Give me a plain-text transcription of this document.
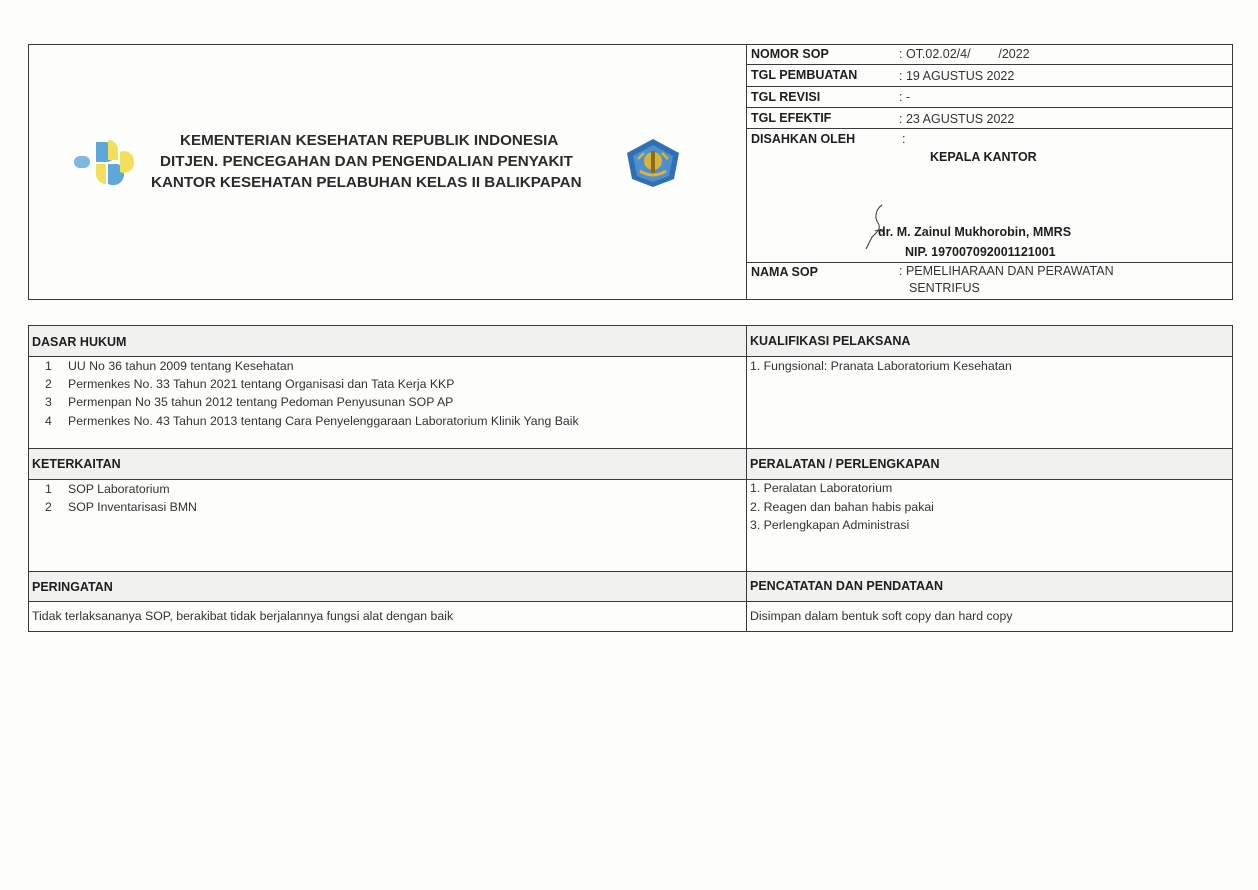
KEMENTERIAN KESEHATAN REPUBLIK INDONESIA
DITJEN. PENCEGAHAN DAN PENGENDALIAN PENYAKIT
KANTOR KESEHATAN PELABUHAN KELAS II BALIKPAPAN
NOMOR SOP	: OT.02.02/4/        /2022
TGL PEMBUATAN	: 19 AGUSTUS 2022
TGL REVISI	: -
TGL EFEKTIF	: 23 AGUSTUS 2022
DISAHKAN OLEH	:
KEPALA KANTOR
dr. M. Zainul Mukhorobin, MMRS
NIP. 197007092001121001
NAMA SOP	: PEMELIHARAAN DAN PERAWATAN
SENTRIFUS
DASAR HUKUM
1 UU No 36 tahun 2009 tentang Kesehatan
2 Permenkes No. 33 Tahun 2021 tentang Organisasi dan Tata Kerja KKP
3 Permenpan No 35 tahun 2012 tentang Pedoman Penyusunan SOP AP
4 Permenkes No. 43 Tahun 2013 tentang Cara Penyelenggaraan Laboratorium Klinik Yang Baik
KUALIFIKASI PELAKSANA
1. Fungsional: Pranata Laboratorium Kesehatan
KETERKAITAN
1 SOP Laboratorium
2 SOP Inventarisasi BMN
PERALATAN / PERLENGKAPAN
1. Peralatan Laboratorium
2. Reagen dan bahan habis pakai
3. Perlengkapan Administrasi
PERINGATAN
Tidak terlaksananya SOP, berakibat tidak berjalannya fungsi alat dengan baik
PENCATATAN DAN PENDATAAN
Disimpan dalam bentuk soft copy dan hard copy
